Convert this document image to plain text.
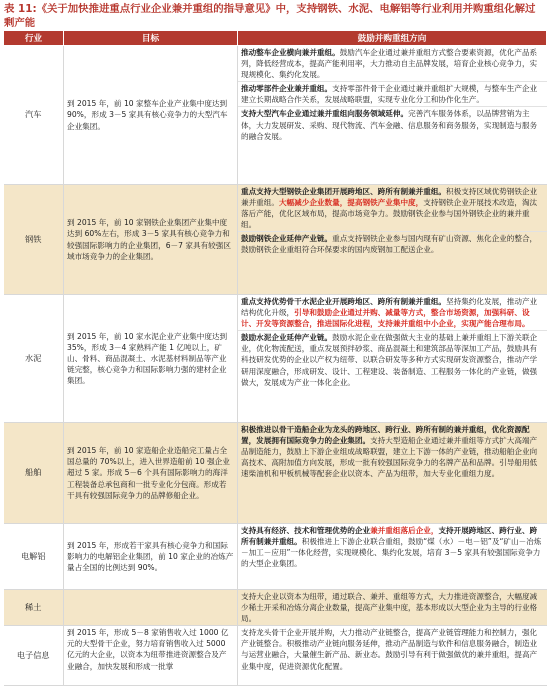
表 11:《关于加快推进重点行业企业兼并重组的指导意见》中，支持钢铁、水泥、电解铝等行业利用并购重组化解过剩产能
行业	目标	鼓励并购重组方向
汽车	到 2015 年，前 10 家整车企业产业集中度达到 90%，形成 3－5 家具有核心竞争力的大型汽车企业集团。	推动整车企业横向兼并重组。鼓励汽车企业通过兼并重组方式整合要素资源，优化产品系列，降低经营成本，提高产能利用率，大力推动自主品牌发展，培育企业核心竞争力，实现规模化、集约化发展。
推动零部件企业兼并重组。支持零部件骨干企业通过兼并重组扩大规模，与整车生产企业建立长期战略合作关系，发展战略联盟，实现专业化分工和协作化生产。
支持大型汽车企业通过兼并重组向服务领域延伸。完善汽车服务体系，以品牌营销为主体，大力发展研发、采购、现代物流、汽车金融、信息服务和商务服务，实现制造与服务的融合发展。

钢铁	到 2015 年，前 10 家钢铁企业集团产业集中度达到 60%左右，形成 3－5 家具有核心竞争力和较强国际影响力的企业集团，6－7 家具有较强区域市场竞争力的企业集团。	重点支持大型钢铁企业集团开展跨地区、跨所有制兼并重组。积极支持区域优势钢铁企业兼并重组。大幅减少企业数量，提高钢铁产业集中度，支持钢铁企业开展技术改造，淘汰落后产能，优化区域布局，提高市场竞争力。鼓励钢铁企业参与国外钢铁企业的兼并重组。
鼓励钢铁企业延伸产业链。重点支持钢铁企业参与国内现有矿山资源、焦化企业的整合，鼓励钢铁企业重组符合环保要求的国内废钢加工配送企业。

水泥	到 2015 年，前 10 家水泥企业产业集中度达到 35%，形成 3－4 家熟料产能 1 亿吨以上，矿山、骨料、商品混凝土、水泥基材料制品等产业链完整，核心竞争力和国际影响力强的建材企业集团。	重点支持优势骨干水泥企业开展跨地区、跨所有制兼并重组。坚持集约化发展，推动产业结构优化升级，引导和鼓励企业通过并购、减量等方式，整合市场资源，加强科研、设计、开发等资源整合，推进国际化进程，支持兼并重组中小企业，实现产能合理布局。
鼓励水泥企业延伸产业链。鼓励水泥企业在做强做大主业的基础上兼并重组上下游关联企业，优化物流配送，重点发展预拌砂浆、商品混凝土和建筑部品等深加工产品，鼓励具有科技研发优势的企业以产权为纽带、以联合研发等多种方式实现研发资源整合，推动产学研用深度融合，形成研发、设计、工程建设、装备制造、工程服务一体化的产业链，做强做大，发展成为产业一体化企业。

船舶	到 2015 年，前 10 家造船企业造船完工量占全国总量的 70%以上，进入世界造船前 10 强企业超过 5 家。形成 5－6 个具有国际影响力的海洋工程装备总承包商和一批专业化分包商。形成若干具有较强国际竞争力的品牌修船企业。	积极推进以骨干造船企业为龙头的跨地区、跨行业、跨所有制的兼并重组，优化资源配置，发展拥有国际竞争力的企业集团。支持大型造船企业通过兼并重组等方式扩大高端产品制造能力，鼓励上下游企业组成战略联盟，建立上下游一体的产业链，推动船舶企业向高技术、高附加值方向发展，形成一批有较强国际竞争力的名牌产品和品牌。引导船用低速柴油机和甲板机械等配套企业以资本、产品为纽带，加大专业化重组力度。

电解铝	到 2015 年，形成若干家具有核心竞争力和国际影响力的电解铝企业集团，前 10 家企业的冶炼产量占全国的比例达到 90%。	支持具有经济、技术和管理优势的企业兼并重组落后企业，支持开展跨地区、跨行业、跨所有制兼并重组。积极推进上下游企业联合重组，鼓励“煤（水）－电－铝”及“矿山－冶炼－加工－应用”一体化经营，实现规模化、集约化发展，培育 3－5 家具有较强国际竞争力的大型企业集团。

稀土		支持大企业以资本为纽带，通过联合、兼并、重组等方式，大力推进资源整合，大幅度减少稀土开采和冶炼分离企业数量，提高产业集中度，基本形成以大型企业为主导的行业格局。

电子信息	到 2015 年，形成 5－8 家销售收入过 1000 亿元的大型骨干企业，努力培育销售收入过 5000 亿元的大企业，以资本为纽带推进资源整合及产业融合，加快发展和形成一批掌	支持龙头骨干企业开展并购，大力推动产业链整合，提高产业链管理能力和控制力，强化产业链整合。积极推动产业链向服务延伸，推动产品制造与软件和信息服务融合，制造业与运营业融合，大量催生新产品、新业态。鼓励引导有利于做强做优的兼并重组，提高产业集中度，促进资源优化配置。
